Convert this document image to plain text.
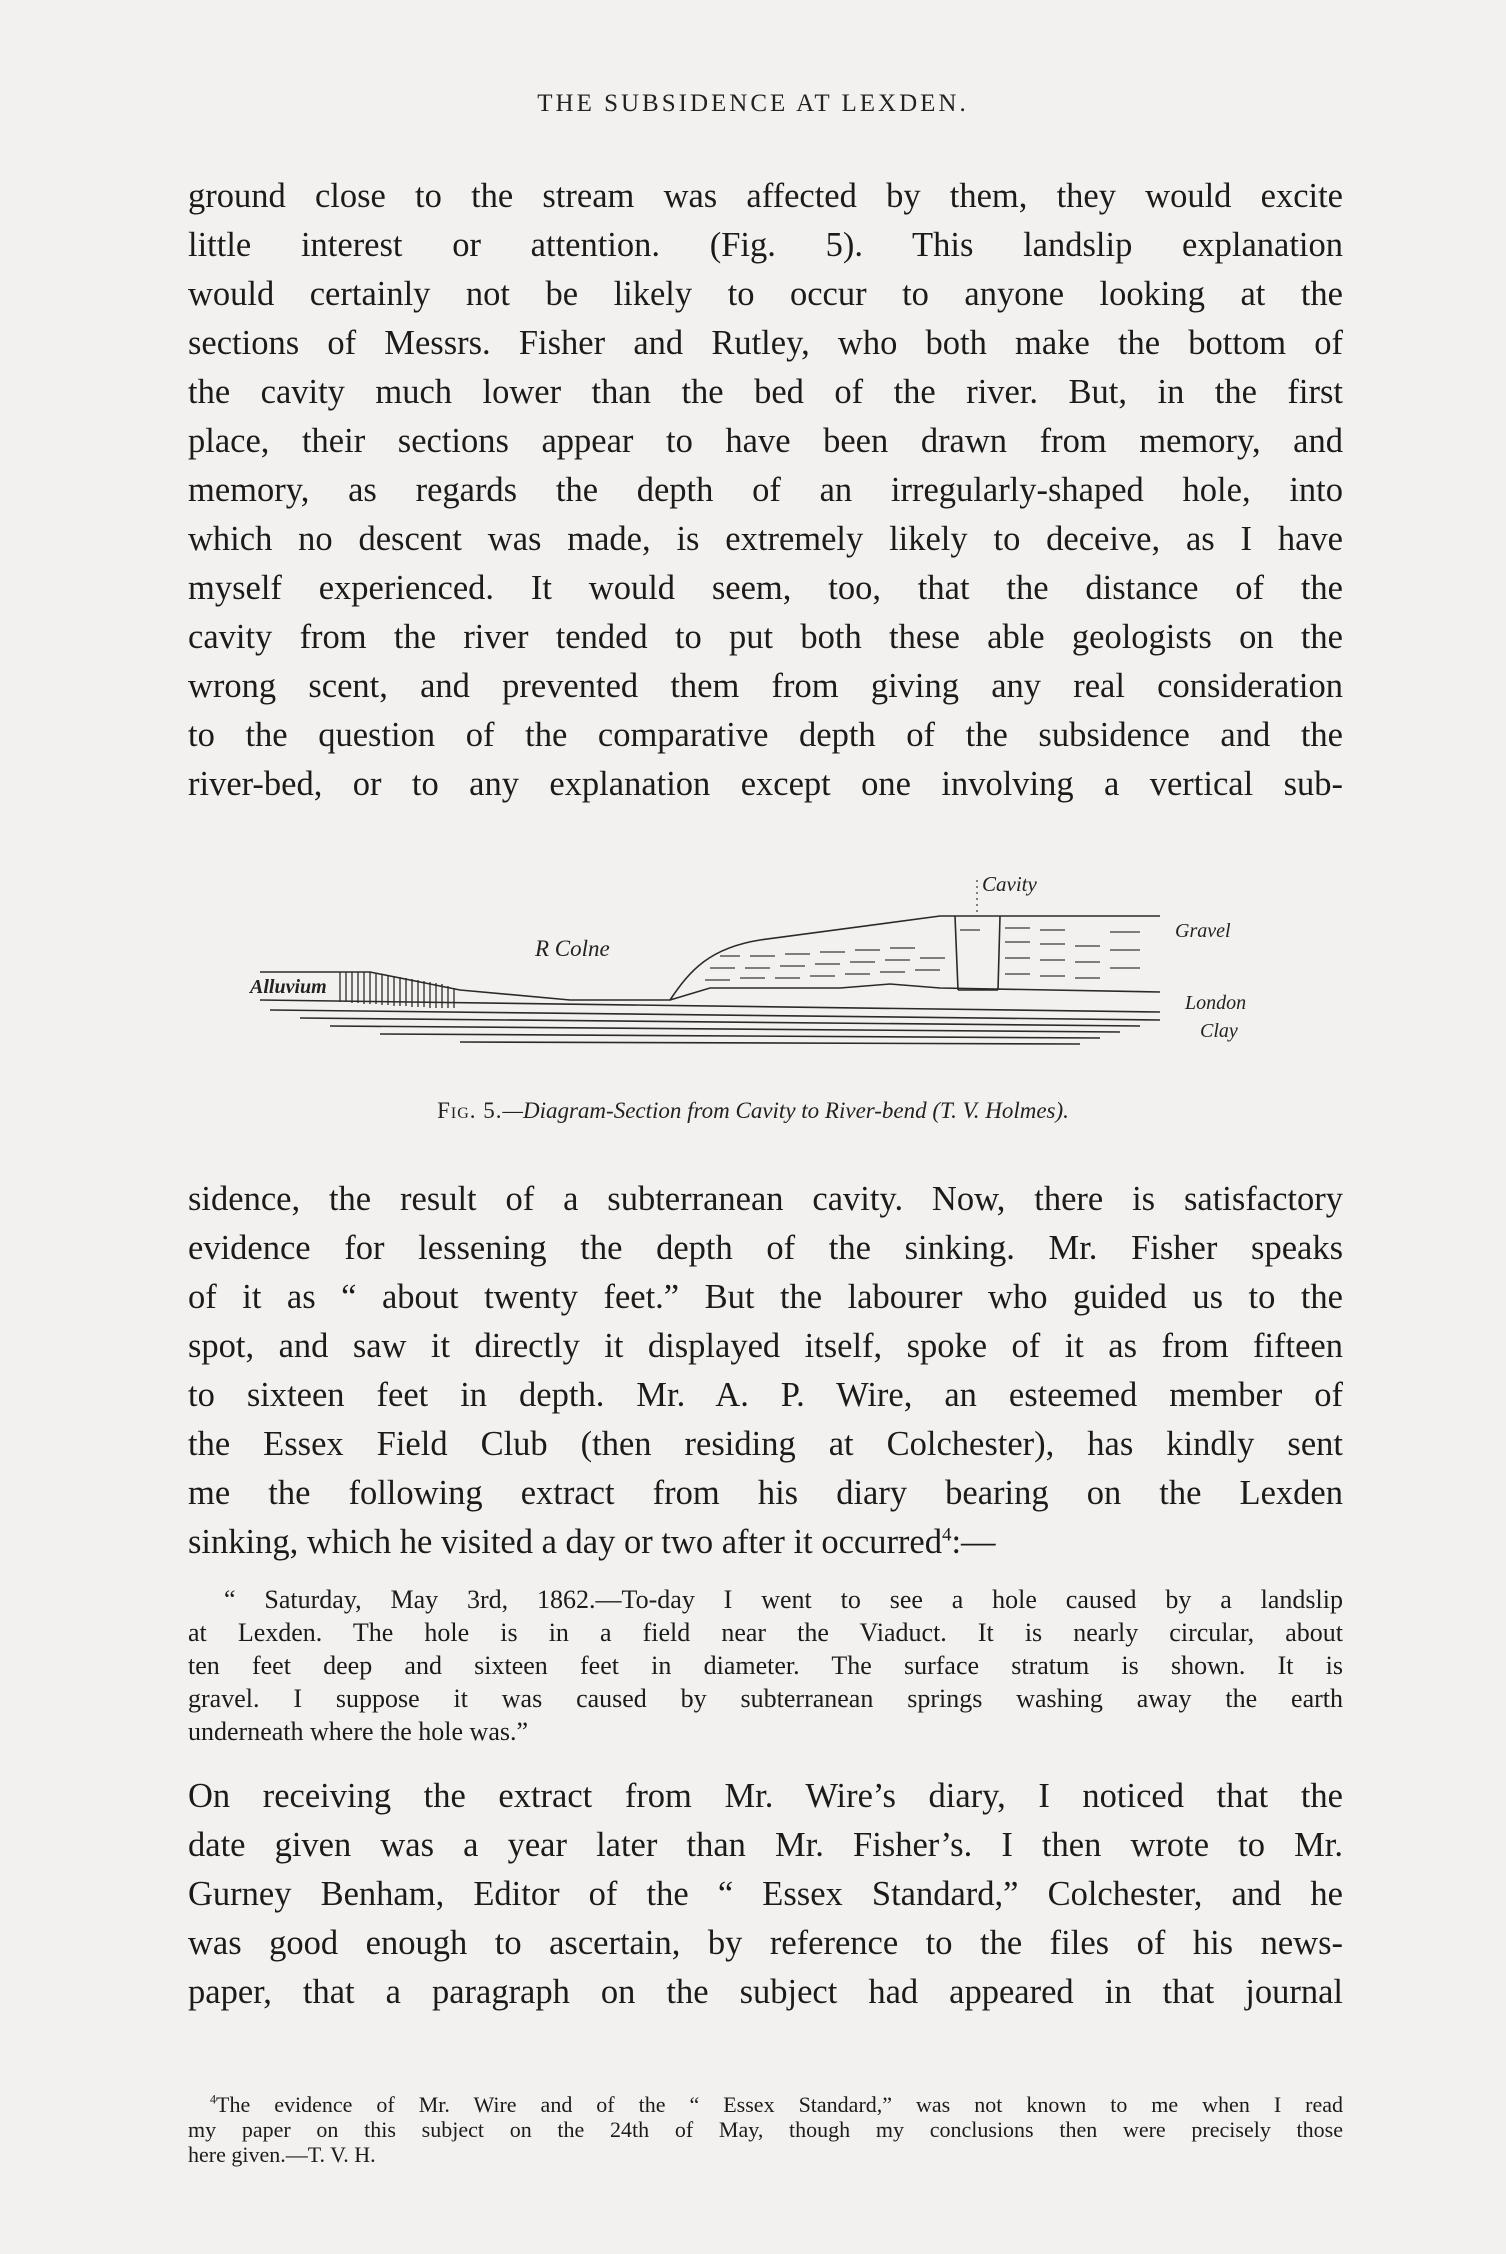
THE SUBSIDENCE AT LEXDEN.
ground close to the stream was affected by them, they would excite
little interest or attention. (Fig. 5). This landslip explanation
would certainly not be likely to occur to anyone looking at the
sections of Messrs. Fisher and Rutley, who both make the bottom of
the cavity much lower than the bed of the river. But, in the first
place, their sections appear to have been drawn from memory, and
memory, as regards the depth of an irregularly-shaped hole, into
which no descent was made, is extremely likely to deceive, as I have
myself experienced. It would seem, too, that the distance of the
cavity from the river tended to put both these able geologists on the
wrong scent, and prevented them from giving any real consideration
to the question of the comparative depth of the subsidence and the
river-bed, or to any explanation except one involving a vertical sub-
Cavity
R Colne
Gravel
Alluvium
London
Clay
Fig. 5.—Diagram-Section from Cavity to River-bend (T. V. Holmes).
sidence, the result of a subterranean cavity. Now, there is satisfactory
evidence for lessening the depth of the sinking. Mr. Fisher speaks
of it as “ about twenty feet.” But the labourer who guided us to the
spot, and saw it directly it displayed itself, spoke of it as from fifteen
to sixteen feet in depth. Mr. A. P. Wire, an esteemed member of
the Essex Field Club (then residing at Colchester), has kindly sent
me the following extract from his diary bearing on the Lexden
sinking, which he visited a day or two after it occurred$^4$:—
“ Saturday, May 3rd, 1862.—To-day I went to see a hole caused by a landslip
at Lexden. The hole is in a field near the Viaduct. It is nearly circular, about
ten feet deep and sixteen feet in diameter. The surface stratum is shown. It is
gravel. I suppose it was caused by subterranean springs washing away the earth
underneath where the hole was.”
On receiving the extract from Mr. Wire’s diary, I noticed that the
date given was a year later than Mr. Fisher’s. I then wrote to Mr.
Gurney Benham, Editor of the “ Essex Standard,” Colchester, and he
was good enough to ascertain, by reference to the files of his news-
paper, that a paragraph on the subject had appeared in that journal
$^4$The evidence of Mr. Wire and of the “ Essex Standard,” was not known to me when I read
my paper on this subject on the 24th of May, though my conclusions then were precisely those
here given.—T. V. H.
